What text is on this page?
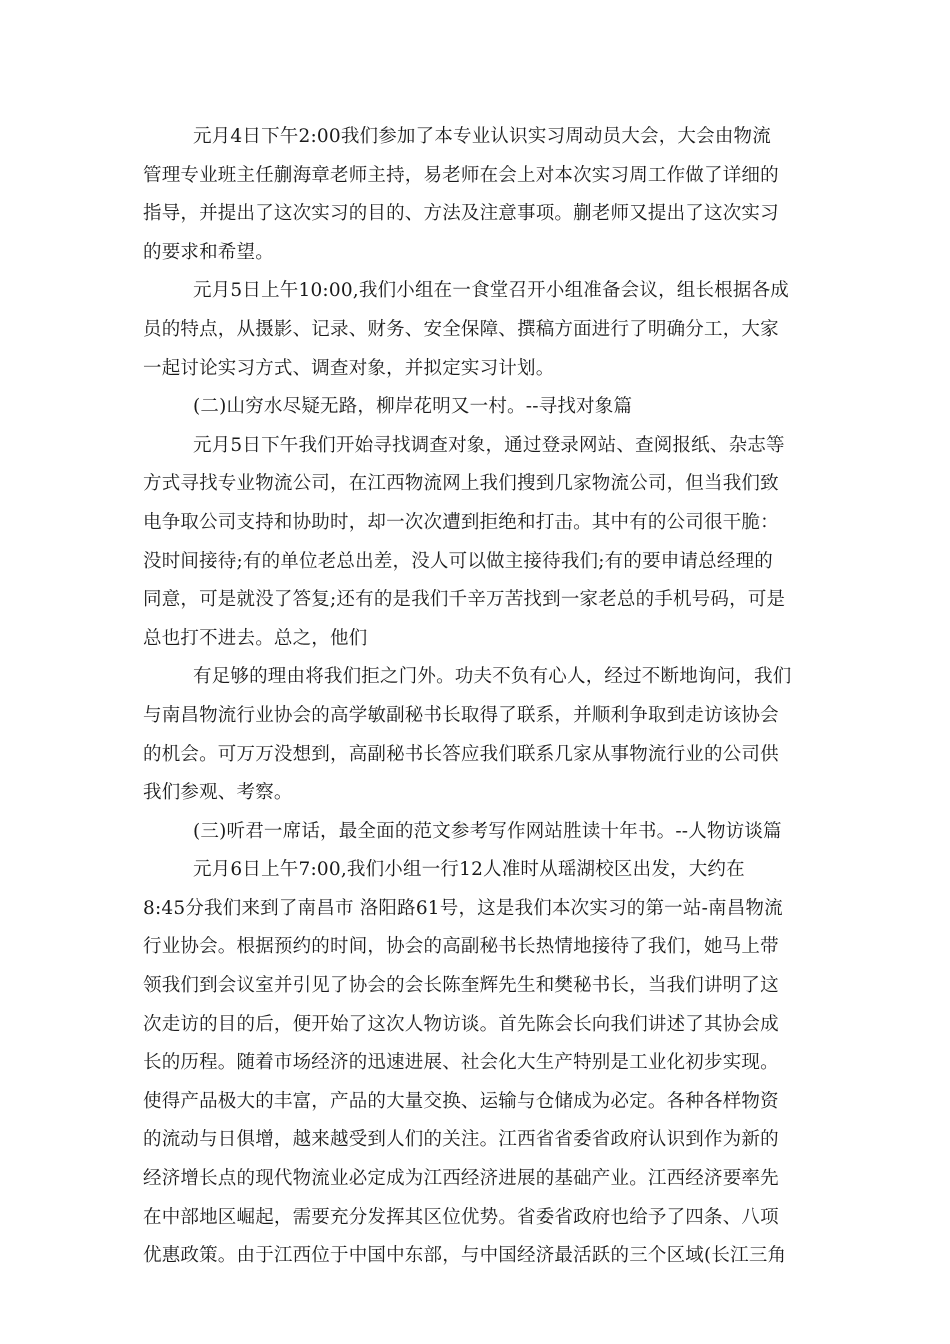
元月4日下午2:00我们参加了本专业认识实习周动员大会，大会由物流
管理专业班主任蒯海章老师主持，易老师在会上对本次实习周工作做了详细的
指导，并提出了这次实习的目的、方法及注意事项。蒯老师又提出了这次实习
的要求和希望。
元月5日上午10:00,我们小组在一食堂召开小组准备会议，组长根据各成
员的特点，从摄影、记录、财务、安全保障、撰稿方面进行了明确分工，大家
一起讨论实习方式、调查对象，并拟定实习计划。
(二)山穷水尽疑无路，柳岸花明又一村。--寻找对象篇
元月5日下午我们开始寻找调查对象，通过登录网站、查阅报纸、杂志等
方式寻找专业物流公司，在江西物流网上我们搜到几家物流公司，但当我们致
电争取公司支持和协助时，却一次次遭到拒绝和打击。其中有的公司很干脆：
没时间接待;有的单位老总出差，没人可以做主接待我们;有的要申请总经理的
同意，可是就没了答复;还有的是我们千辛万苦找到一家老总的手机号码，可是
总也打不进去。总之，他们
有足够的理由将我们拒之门外。功夫不负有心人，经过不断地询问，我们
与南昌物流行业协会的高学敏副秘书长取得了联系，并顺利争取到走访该协会
的机会。可万万没想到，高副秘书长答应我们联系几家从事物流行业的公司供
我们参观、考察。
(三)听君一席话，最全面的范文参考写作网站胜读十年书。--人物访谈篇
元月6日上午7:00,我们小组一行12人准时从瑶湖校区出发，大约在
8:45分我们来到了南昌市 洛阳路61号，这是我们本次实习的第一站-南昌物流
行业协会。根据预约的时间，协会的高副秘书长热情地接待了我们，她马上带
领我们到会议室并引见了协会的会长陈奎辉先生和樊秘书长，当我们讲明了这
次走访的目的后，便开始了这次人物访谈。首先陈会长向我们讲述了其协会成
长的历程。随着市场经济的迅速进展、社会化大生产特别是工业化初步实现。
使得产品极大的丰富，产品的大量交换、运输与仓储成为必定。各种各样物资
的流动与日俱增，越来越受到人们的关注。江西省省委省政府认识到作为新的
经济增长点的现代物流业必定成为江西经济进展的基础产业。江西经济要率先
在中部地区崛起，需要充分发挥其区位优势。省委省政府也给予了四条、八项
优惠政策。由于江西位于中国中东部，与中国经济最活跃的三个区域(长江三角
